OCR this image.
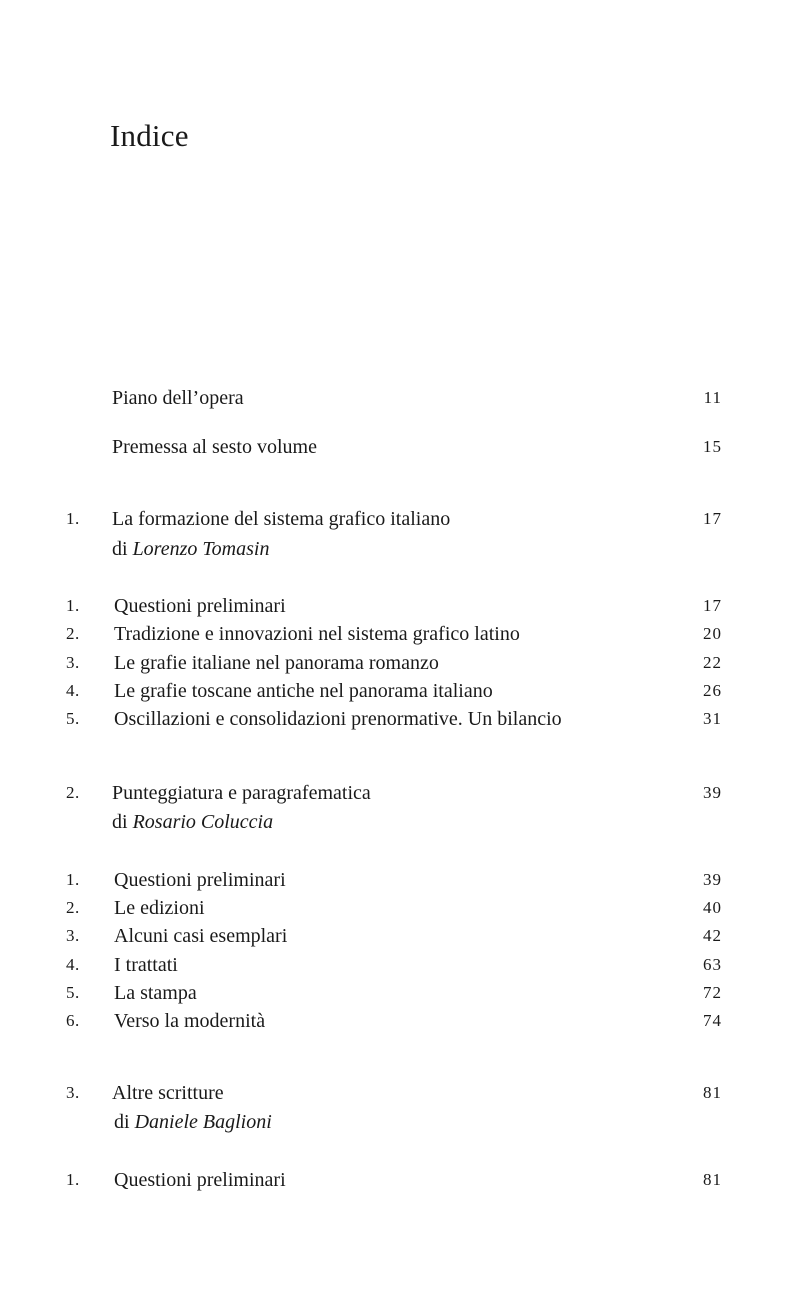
Indice
Piano dell’opera	11
Premessa al sesto volume	15
1.	La formazione del sistema grafico italiano	17
di Lorenzo Tomasin
1.	Questioni preliminari	17
2.	Tradizione e innovazioni nel sistema grafico latino	20
3.	Le grafie italiane nel panorama romanzo	22
4.	Le grafie toscane antiche nel panorama italiano	26
5.	Oscillazioni e consolidazioni prenormative. Un bilancio	31
2.	Punteggiatura e paragrafematica	39
di Rosario Coluccia
1.	Questioni preliminari	39
2.	Le edizioni	40
3.	Alcuni casi esemplari	42
4.	I trattati	63
5.	La stampa	72
6.	Verso la modernità	74
3.	Altre scritture	81
di Daniele Baglioni
1.	Questioni preliminari	81
